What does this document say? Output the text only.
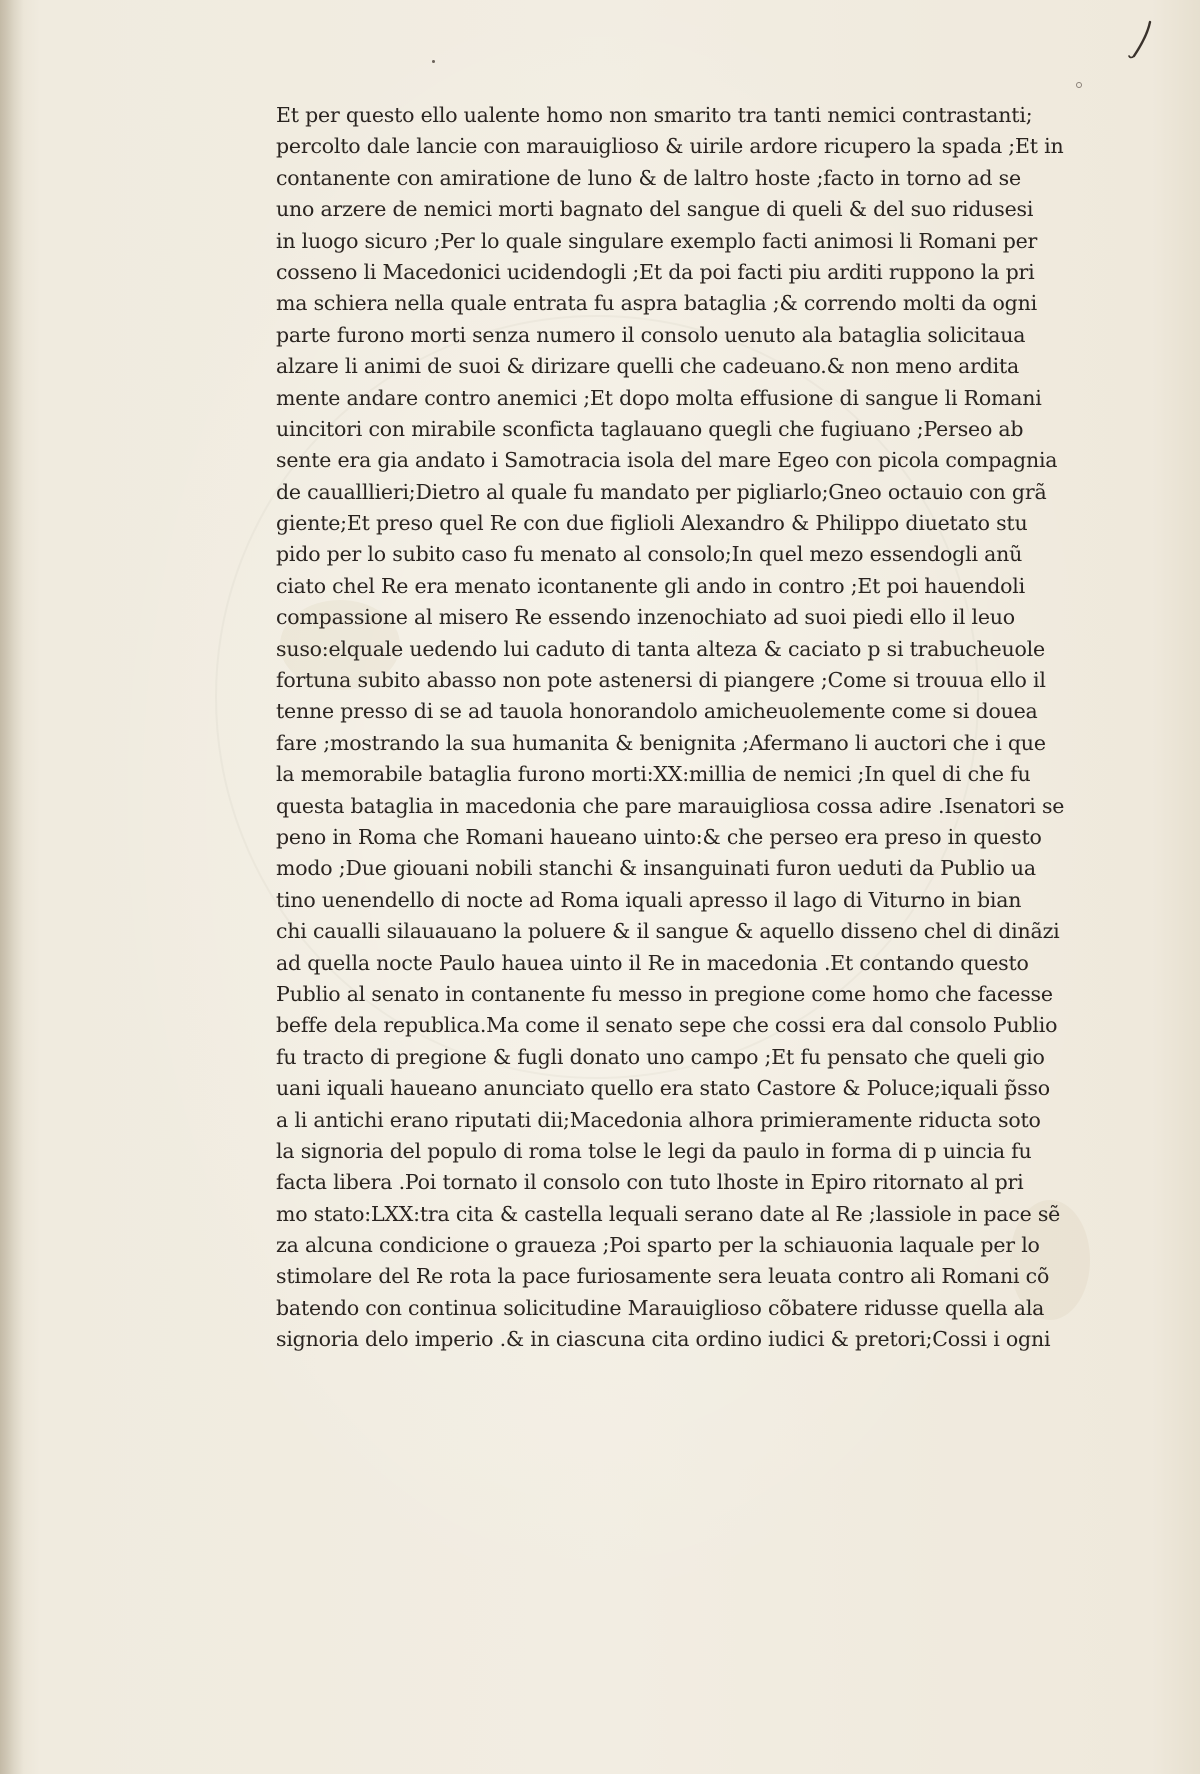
Et per questo ello ualente homo non smarito tra tanti nemici contrastanti;
percolto dale lancie con marauiglioso & uirile ardore ricupero la spada ;Et in
contanente con amiratione de luno & de laltro hoste ;facto in torno ad se
uno arzere de nemici morti bagnato del sangue di queli & del suo ridusesi
in luogo sicuro ;Per lo quale singulare exemplo facti animosi li Romani per
cosseno li Macedonici ucidendogli ;Et da poi facti piu arditi ruppono la pri
ma schiera nella quale entrata fu aspra bataglia ;& correndo molti da ogni
parte furono morti senza numero il consolo uenuto ala bataglia solicitaua
alzare li animi de suoi & dirizare quelli che cadeuano.& non meno ardita
mente andare contro anemici ;Et dopo molta effusione di sangue li Romani
uincitori con mirabile sconficta taglauano quegli che fugiuano ;Perseo ab
sente era gia andato i Samotracia isola del mare Egeo con picola compagnia
de caualllieri;Dietro al quale fu mandato per pigliarlo;Gneo octauio con grã
giente;Et preso quel Re con due figlioli Alexandro & Philippo diuetato stu
pido per lo subito caso fu menato al consolo;In quel mezo essendogli anũ
ciato chel Re era menato icontanente gli ando in contro ;Et poi hauendoli
compassione al misero Re essendo inzenochiato ad suoi piedi ello il leuo
suso:elquale uedendo lui caduto di tanta alteza & caciato p si trabucheuole
fortuna subito abasso non pote astenersi di piangere ;Come si trouua ello il
tenne presso di se ad tauola honorandolo amicheuolemente come si douea
fare ;mostrando la sua humanita & benignita ;Afermano li auctori che i que
la memorabile bataglia furono morti:XX:millia de nemici ;In quel di che fu
questa bataglia in macedonia che pare marauigliosa cossa adire .Isenatori se
peno in Roma che Romani haueano uinto:& che perseo era preso in questo
modo ;Due giouani nobili stanchi & insanguinati furon ueduti da Publio ua
tino uenendello di nocte ad Roma iquali apresso il lago di Viturno in bian
chi caualli silauauano la poluere & il sangue & aquello disseno chel di dinãzi
ad quella nocte Paulo hauea uinto il Re in macedonia .Et contando questo
Publio al senato in contanente fu messo in pregione come homo che facesse
beffe dela republica.Ma come il senato sepe che cossi era dal consolo Publio
fu tracto di pregione & fugli donato uno campo ;Et fu pensato che queli gio
uani iquali haueano anunciato quello era stato Castore & Poluce;iquali p̃sso
a li antichi erano riputati dii;Macedonia alhora primieramente riducta soto
la signoria del populo di roma tolse le legi da paulo in forma di p uincia fu
facta libera .Poi tornato il consolo con tuto lhoste in Epiro ritornato al pri
mo stato:LXX:tra cita & castella lequali serano date al Re ;lassiole in pace sẽ
za alcuna condicione o graueza ;Poi sparto per la schiauonia laquale per lo
stimolare del Re rota la pace furiosamente sera leuata contro ali Romani cõ
batendo con continua solicitudine Marauiglioso cõbatere ridusse quella ala
signoria delo imperio .& in ciascuna cita ordino iudici & pretori;Cossi i ogni
